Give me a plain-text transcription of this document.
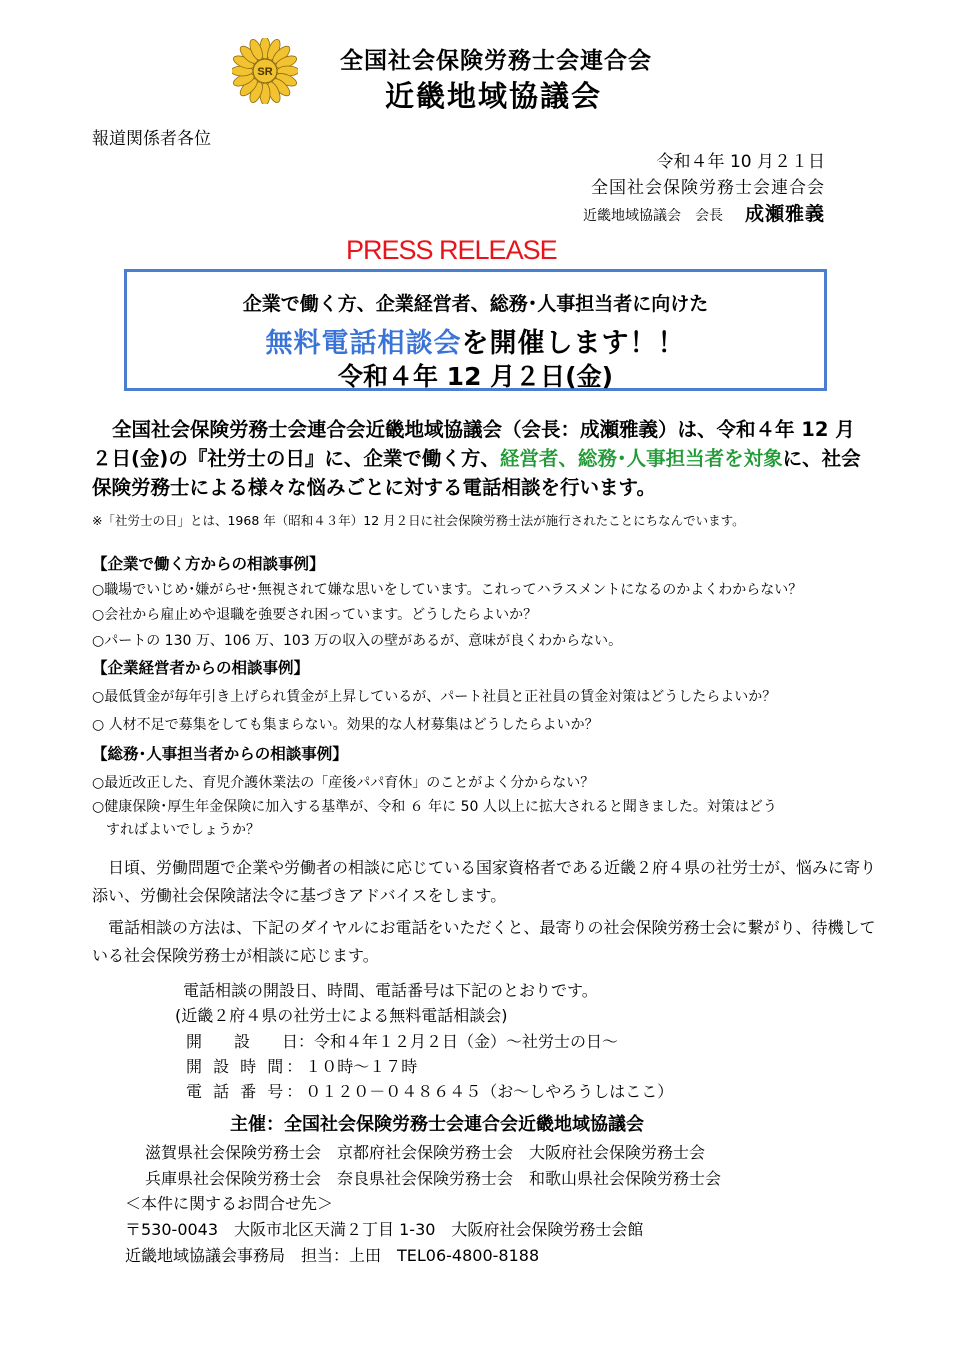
SR	全国社会保険労務士会連合会
近畿地域協議会
報道関係者各位
令和４年 10 月２１日
全国社会保険労務士会連合会
近畿地域協議会　会長 成瀬雅義
PRESS RELEASE
企業で働く方、企業経営者、総務･人事担当者に向けた
無料電話相談会を開催します！！
令和４年 12 月２日(金)
全国社会保険労務士会連合会近畿地域協議会（会長：成瀬雅義）は、令和４年 12 月２日(金)の『社労士の日』に、企業で働く方、経営者、総務･人事担当者を対象に、社会保険労務士による様々な悩みごとに対する電話相談を行います。
※「社労士の日」とは、1968 年（昭和４３年）12 月２日に社会保険労務士法が施行されたことにちなんでいます。
【企業で働く方からの相談事例】
○職場でいじめ･嫌がらせ･無視されて嫌な思いをしています。これってハラスメントになるのかよくわからない？
○会社から雇止めや退職を強要され困っています。どうしたらよいか？
○パートの 130 万、106 万、103 万の収入の壁があるが、意味が良くわからない。
【企業経営者からの相談事例】
○最低賃金が毎年引き上げられ賃金が上昇しているが、パート社員と正社員の賃金対策はどうしたらよいか？
○ 人材不足で募集をしても集まらない。効果的な人材募集はどうしたらよいか？
【総務･人事担当者からの相談事例】
○最近改正した、育児介護休業法の「産後パパ育休」のことがよく分からない？
○健康保険･厚生年金保険に加入する基準が、令和 ６ 年に 50 人以上に拡大されると聞きました。対策はどう
　すればよいでしょうか？
　日頃、労働問題で企業や労働者の相談に応じている国家資格者である近畿２府４県の社労士が、悩みに寄り添い、労働社会保険諸法令に基づきアドバイスをします。
　電話相談の方法は、下記のダイヤルにお電話をいただくと、最寄りの社会保険労務士会に繋がり、待機している社会保険労務士が相談に応じます。
電話相談の開設日、時間、電話番号は下記のとおりです。
(近畿２府４県の社労士による無料電話相談会)
開　　設　　日：令和４年１２月２日（金）～社労士の日～
開 設 時 間：１０時～１７時
電 話 番 号：０１２０－０４８６４５（お～しやろうしはここ）
主催：全国社会保険労務士会連合会近畿地域協議会
滋賀県社会保険労務士会　京都府社会保険労務士会　大阪府社会保険労務士会
兵庫県社会保険労務士会　奈良県社会保険労務士会　和歌山県社会保険労務士会
＜本件に関するお問合せ先＞
〒530-0043　大阪市北区天満２丁目 1-30　大阪府社会保険労務士会館
近畿地域協議会事務局　担当：上田　TEL06-4800-8188
